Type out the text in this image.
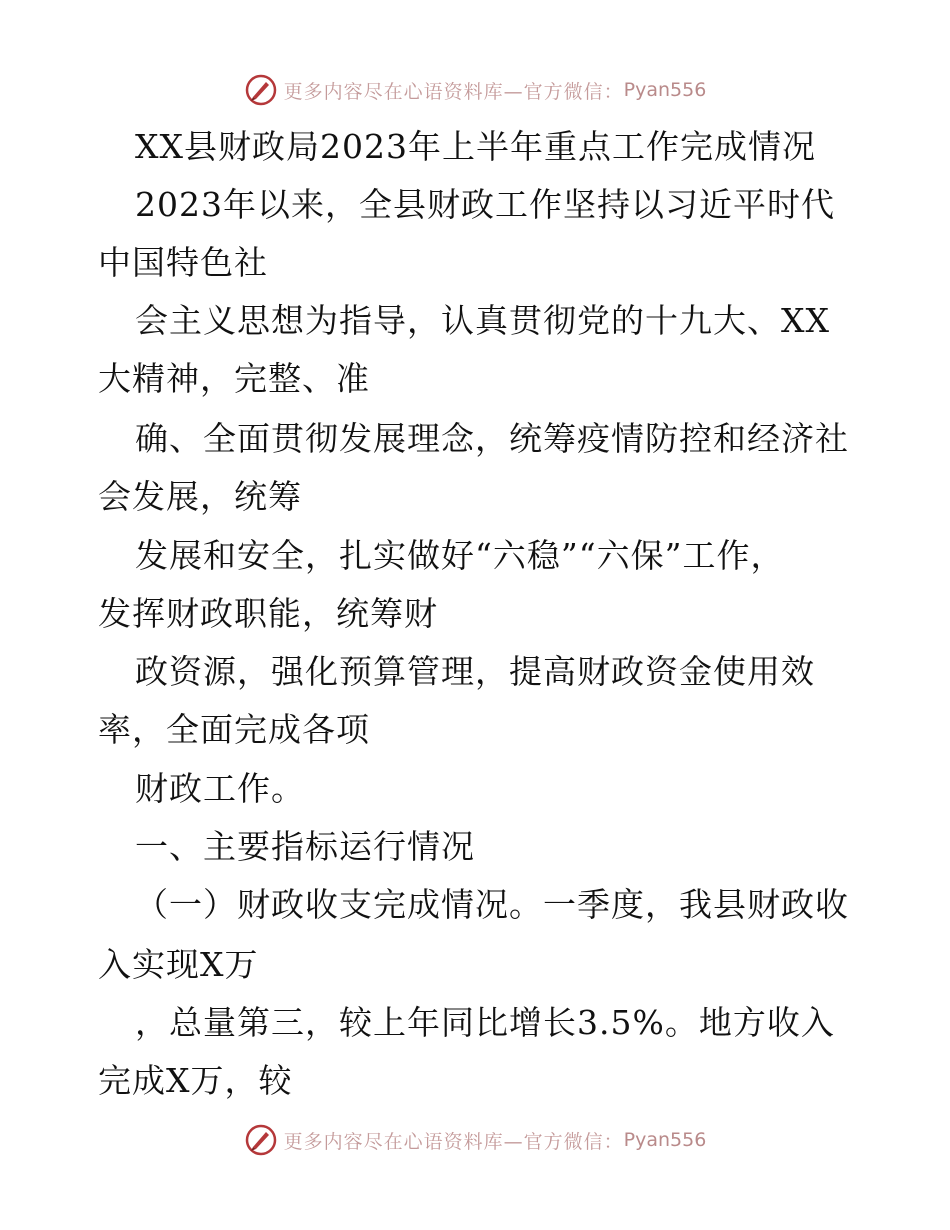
更多内容尽在心语资料库—官方微信： Pyan556
XX县财政局2023年上半年重点工作完成情况
2023年以来，全县财政工作坚持以习近平时代
中国特色社
会主义思想为指导，认真贯彻党的十九大、XX
大精神，完整、准
确、全面贯彻发展理念，统筹疫情防控和经济社
会发展，统筹
发展和安全，扎实做好“六稳”“六保”工作，
发挥财政职能，统筹财
政资源，强化预算管理，提高财政资金使用效
率，全面完成各项
财政工作。
一、主要指标运行情况
（一）财政收支完成情况。一季度，我县财政收
入实现X万
，总量第三，较上年同比增长3.5%。地方收入
完成X万，较
更多内容尽在心语资料库—官方微信： Pyan556
